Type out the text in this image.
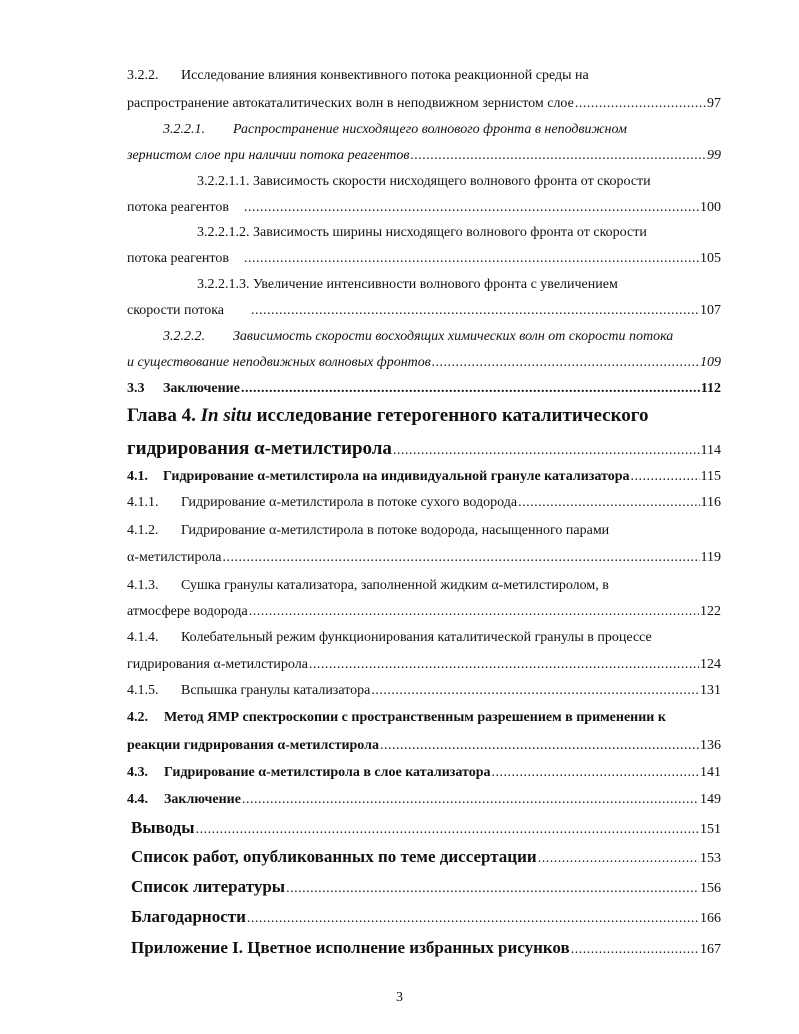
3.2.2. Исследование влияния конвективного потока реакционной среды на
распространение автокаталитических волн в неподвижном зернистом слое .....	97
3.2.2.1. Распространение нисходящего волнового фронта в неподвижном
зернистом слое при наличии потока реагентов .....	99
3.2.2.1.1. Зависимость скорости нисходящего волнового фронта от скорости
потока реагентов .....	100
3.2.2.1.2. Зависимость ширины нисходящего волнового фронта от скорости
потока реагентов .....	105
3.2.2.1.3. Увеличение интенсивности волнового фронта с увеличением
скорости потока .....	107
3.2.2.2. Зависимость скорости восходящих химических волн от скорости потока
и существование неподвижных волновых фронтов .....	109
3.3	Заключение .....	112
Глава 4. In situ исследование гетерогенного каталитического
гидрирования α-метилстирола .....	114
4.1.	Гидрирование α-метилстирола на индивидуальной грануле катализатора .....	115
4.1.1.	Гидрирование α-метилстирола в потоке сухого водорода .....	116
4.1.2. Гидрирование α-метилстирола в потоке водорода, насыщенного парами
α-метилстирола .....	119
4.1.3. Сушка гранулы катализатора, заполненной жидким α-метилстиролом, в
атмосфере водорода .....	122
4.1.4. Колебательный режим функционирования каталитической гранулы в процессе
гидрирования α-метилстирола .....	124
4.1.5.	Вспышка гранулы катализатора .....	131
4.2. Метод ЯМР спектроскопии с пространственным разрешением в применении к
реакции гидрирования α-метилстирола .....	136
4.3.	Гидрирование α-метилстирола в слое катализатора .....	141
4.4.	Заключение .....	149
Выводы .....	151
Список работ, опубликованных по теме диссертации .....	153
Список литературы .....	156
Благодарности .....	166
Приложение I. Цветное исполнение избранных рисунков .....	167
3
